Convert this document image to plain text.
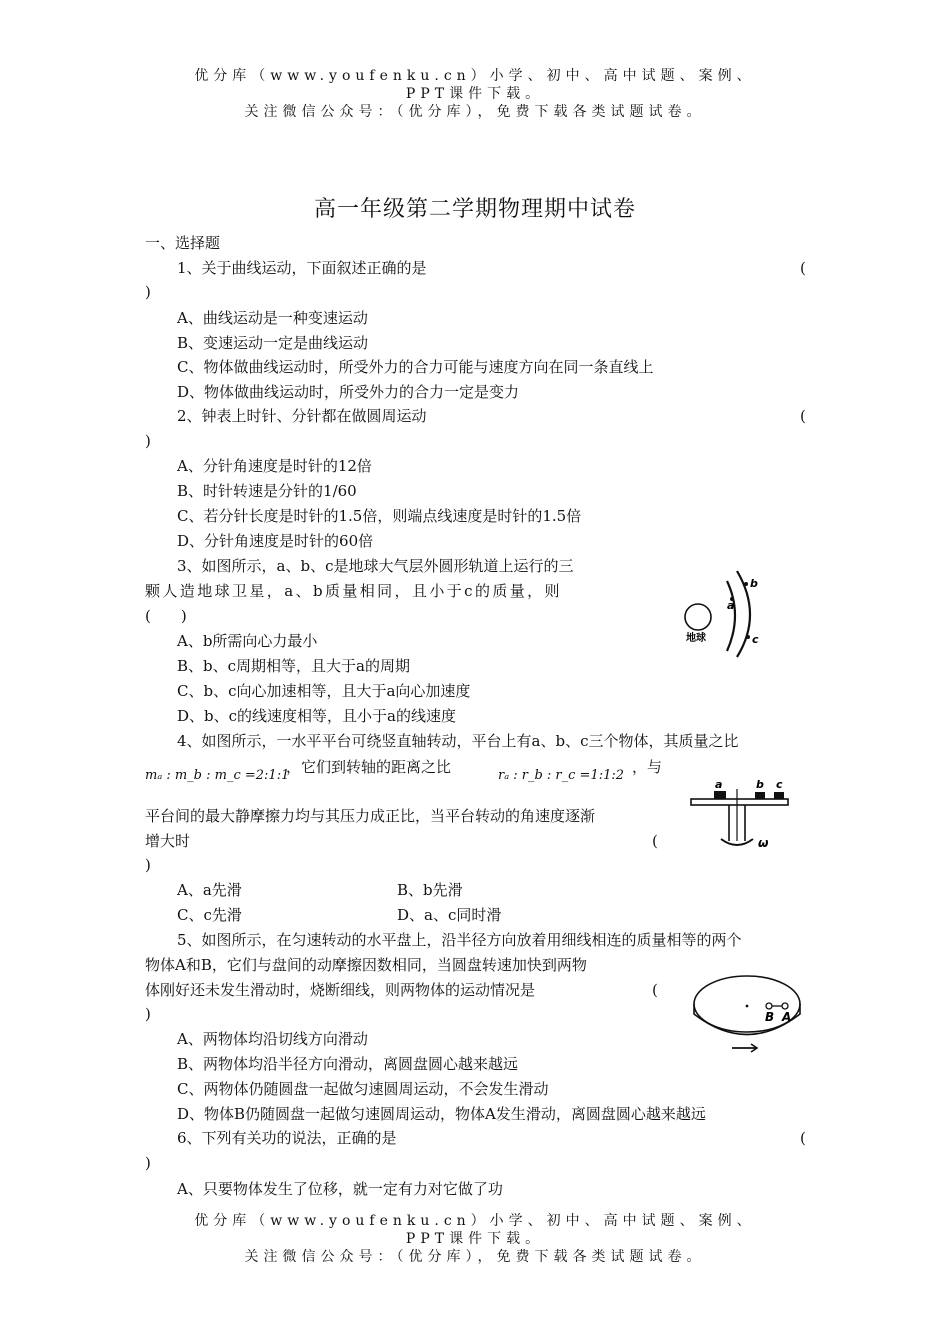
优分库（www.youfenku.cn）小学、初中、高中试题、案例、
PPT课件下载。
关注微信公众号：（优分库），免费下载各类试题试卷。
高一年级第二学期物理期中试卷
一、选择题
1、关于曲线运动，下面叙述正确的是	(
)
A、曲线运动是一种变速运动
B、变速运动一定是曲线运动
C、物体做曲线运动时，所受外力的合力可能与速度方向在同一条直线上
D、物体做曲线运动时，所受外力的合力一定是变力
2、钟表上时针、分针都在做圆周运动	(
)
A、分针角速度是时针的12倍
B、时针转速是分针的1/60
C、若分针长度是时针的1.5倍，则端点线速度是时针的1.5倍
D、分针角速度是时针的60倍
3、如图所示，a、b、c是地球大气层外圆形轨道上运行的三
颗人造地球卫星，a、b质量相同，且小于c的质量，则
(　　)
A、b所需向心力最小
B、b、c周期相等，且大于a的周期
C、b、c向心加速相等，且大于a向心加速度
D、b、c的线速度相等，且小于a的线速度
地球
a
b
c
4、如图所示，一水平平台可绕竖直轴转动，平台上有a、b、c三个物体，其质量之比
mₐ : m_b : m_c =2:1:1
，它们到转轴的距离之比	rₐ : r_b : r_c =1:1:2 ，与
平台间的最大静摩擦力均与其压力成正比，当平台转动的角速度逐渐
增大时	(
)
A、a先滑	B、b先滑
C、c先滑	D、a、c同时滑
a	b c
ω
5、如图所示，在匀速转动的水平盘上，沿半径方向放着用细线相连的质量相等的两个
物体A和B，它们与盘间的动摩擦因数相同，当圆盘转速加快到两物
体刚好还未发生滑动时，烧断细线，则两物体的运动情况是	(
)
A、两物体均沿切线方向滑动
B、两物体均沿半径方向滑动，离圆盘圆心越来越远
C、两物体仍随圆盘一起做匀速圆周运动，不会发生滑动
D、物体B仍随圆盘一起做匀速圆周运动，物体A发生滑动，离圆盘圆心越来越远
B A
6、下列有关功的说法，正确的是	(
)
A、只要物体发生了位移，就一定有力对它做了功
优分库（www.youfenku.cn）小学、初中、高中试题、案例、
PPT课件下载。
关注微信公众号：（优分库），免费下载各类试题试卷。
